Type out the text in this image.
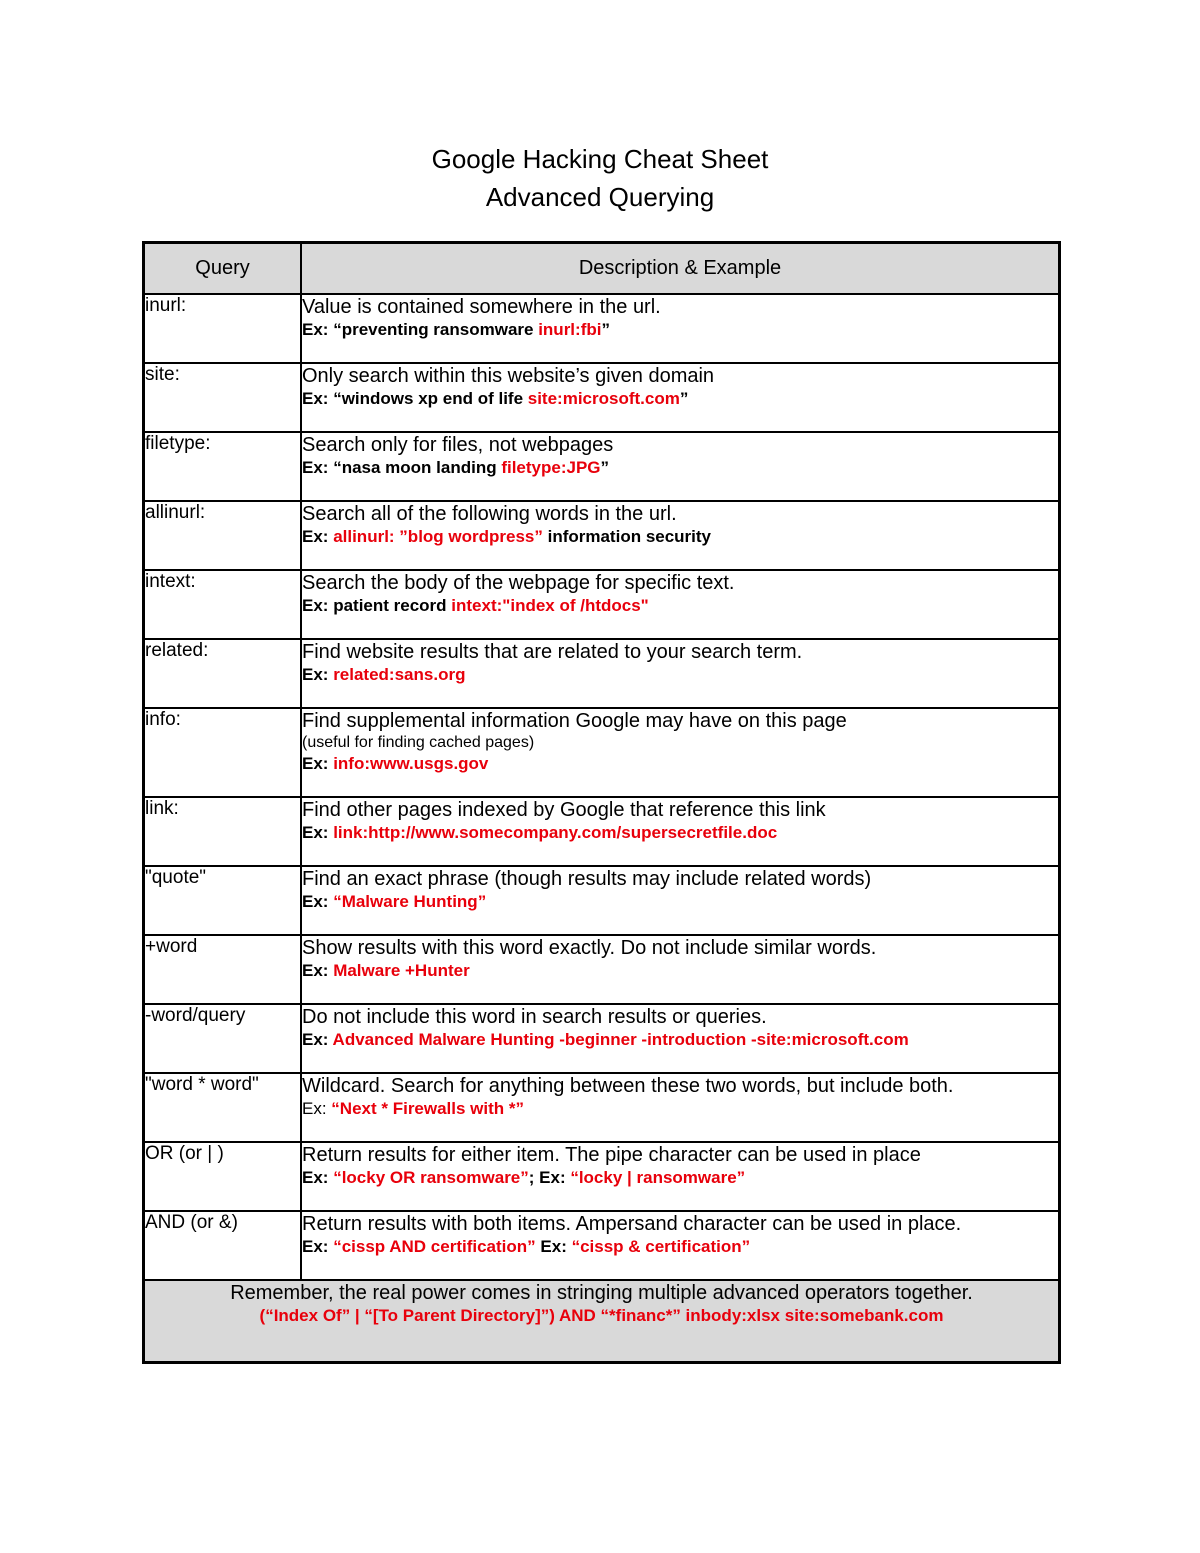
Google Hacking Cheat Sheet
Advanced Querying
Query	Description & Example
inurl:	Value is contained somewhere in the url.
Ex: “preventing ransomware inurl:fbi”

site:	Only search within this website’s given domain
Ex: “windows xp end of life site:microsoft.com”

filetype:	Search only for files, not webpages
Ex: “nasa moon landing filetype:JPG”

allinurl:	Search all of the following words in the url.
Ex: allinurl: ”blog wordpress” information security

intext:	Search the body of the webpage for specific text.
Ex: patient record intext:"index of /htdocs"

related:	Find website results that are related to your search term.
Ex: related:sans.org

info:	Find supplemental information Google may have on this page
(useful for finding cached pages)
Ex: info:www.usgs.gov

link:	Find other pages indexed by Google that reference this link
Ex: link:http://www.somecompany.com/supersecretfile.doc

"quote"	Find an exact phrase (though results may include related words)
Ex: “Malware Hunting”

+word	Show results with this word exactly. Do not include similar words.
Ex: Malware +Hunter

-word/query	Do not include this word in search results or queries.
Ex: Advanced Malware Hunting -beginner -introduction -site:microsoft.com

"word * word"	Wildcard. Search for anything between these two words, but include both.
Ex: “Next * Firewalls with *”

OR (or | )	Return results for either item. The pipe character can be used in place
Ex: “locky OR ransomware”; Ex: “locky | ransomware”

AND (or &)	Return results with both items. Ampersand character can be used in place.
Ex: “cissp AND certification” Ex: “cissp & certification”

Remember, the real power comes in stringing multiple advanced operators together.
(“Index Of” | “[To Parent Directory]”) AND “*financ*” inbody:xlsx site:somebank.com	
